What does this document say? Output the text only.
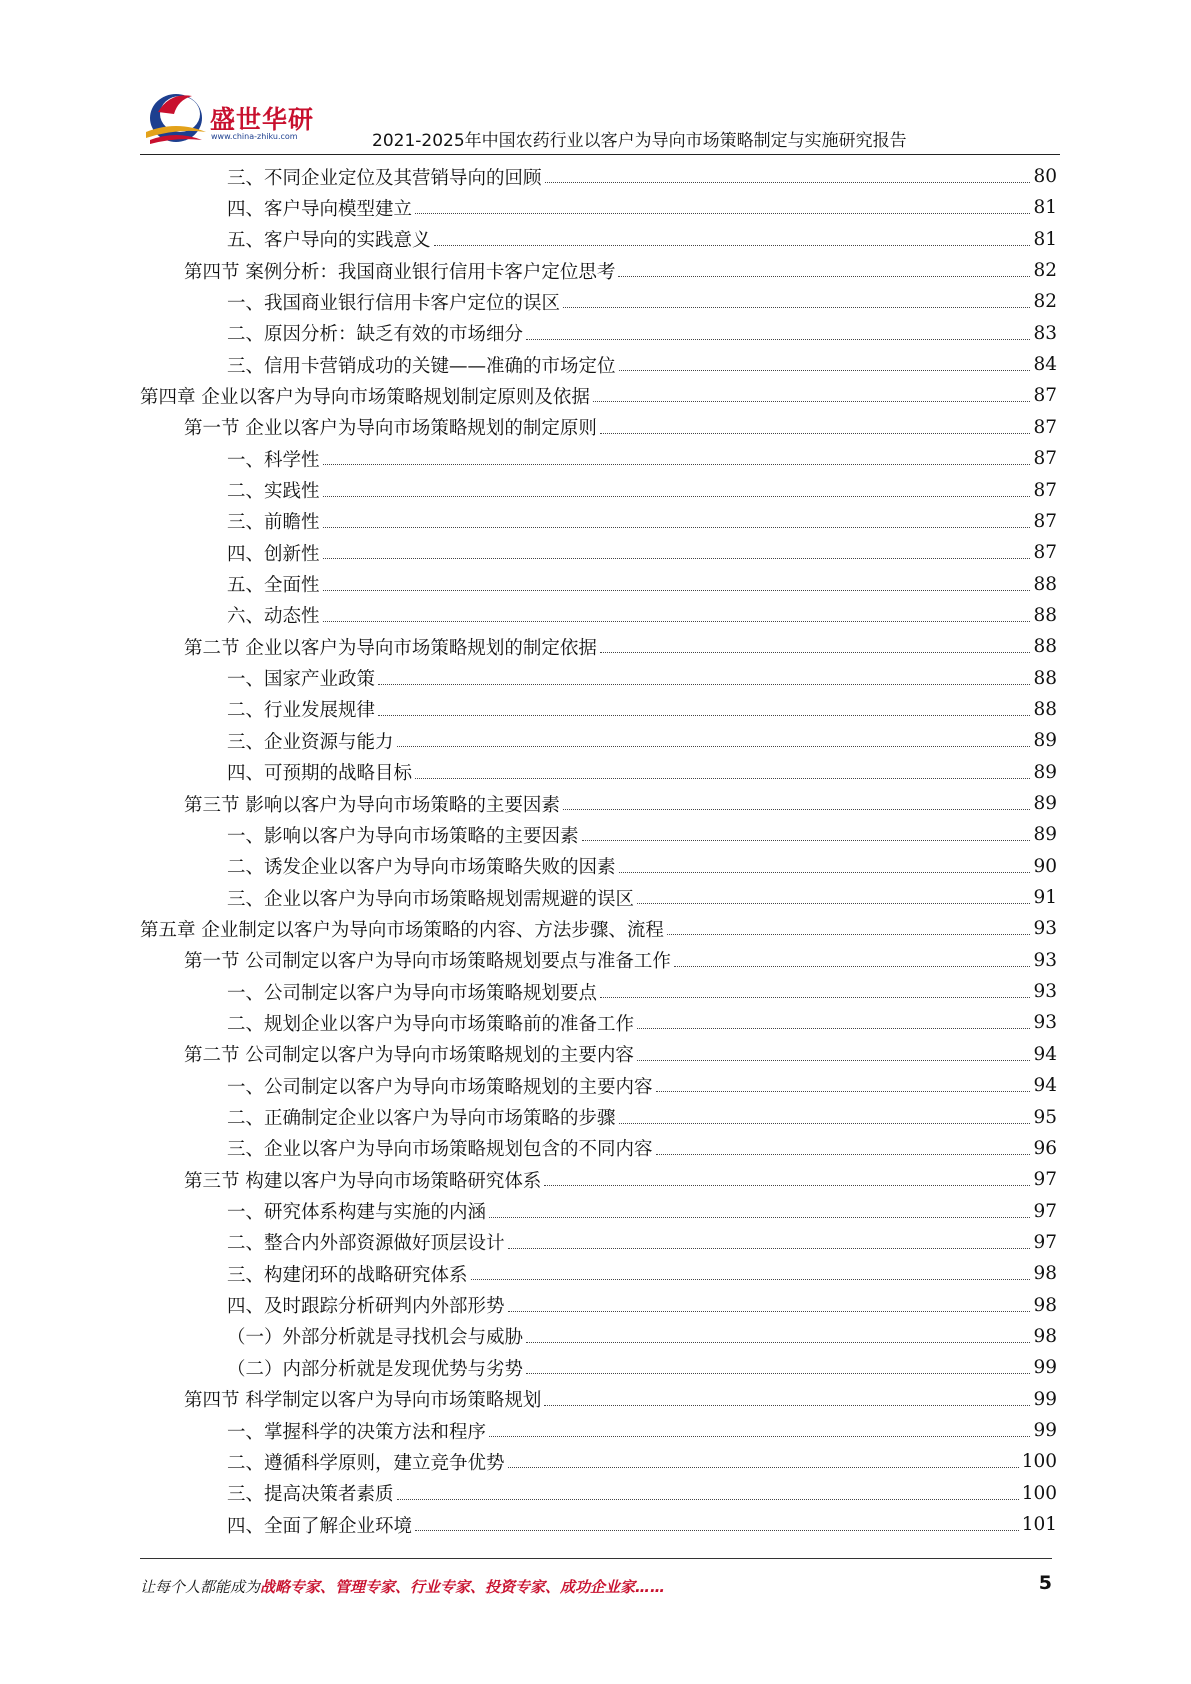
盛世华研
www.china-zhiku.com	2021-2025年中国农药行业以客户为导向市场策略制定与实施研究报告
三、不同企业定位及其营销导向的回顾	80
四、客户导向模型建立	81
五、客户导向的实践意义	81
第四节 案例分析：我国商业银行信用卡客户定位思考	82
一、我国商业银行信用卡客户定位的误区	82
二、原因分析：缺乏有效的市场细分	83
三、信用卡营销成功的关键——准确的市场定位	84
第四章 企业以客户为导向市场策略规划制定原则及依据	87
第一节 企业以客户为导向市场策略规划的制定原则	87
一、科学性	87
二、实践性	87
三、前瞻性	87
四、创新性	87
五、全面性	88
六、动态性	88
第二节 企业以客户为导向市场策略规划的制定依据	88
一、国家产业政策	88
二、行业发展规律	88
三、企业资源与能力	89
四、可预期的战略目标	89
第三节 影响以客户为导向市场策略的主要因素	89
一、影响以客户为导向市场策略的主要因素	89
二、诱发企业以客户为导向市场策略失败的因素	90
三、企业以客户为导向市场策略规划需规避的误区	91
第五章 企业制定以客户为导向市场策略的内容、方法步骤、流程	93
第一节 公司制定以客户为导向市场策略规划要点与准备工作	93
一、公司制定以客户为导向市场策略规划要点	93
二、规划企业以客户为导向市场策略前的准备工作	93
第二节 公司制定以客户为导向市场策略规划的主要内容	94
一、公司制定以客户为导向市场策略规划的主要内容	94
二、正确制定企业以客户为导向市场策略的步骤	95
三、企业以客户为导向市场策略规划包含的不同内容	96
第三节 构建以客户为导向市场策略研究体系	97
一、研究体系构建与实施的内涵	97
二、整合内外部资源做好顶层设计	97
三、构建闭环的战略研究体系	98
四、及时跟踪分析研判内外部形势	98
（一）外部分析就是寻找机会与威胁	98
（二）内部分析就是发现优势与劣势	99
第四节 科学制定以客户为导向市场策略规划	99
一、掌握科学的决策方法和程序	99
二、遵循科学原则，建立竞争优势	100
三、提高决策者素质	100
四、全面了解企业环境	101
让每个人都能成为战略专家、管理专家、行业专家、投资专家、成功企业家……	5
